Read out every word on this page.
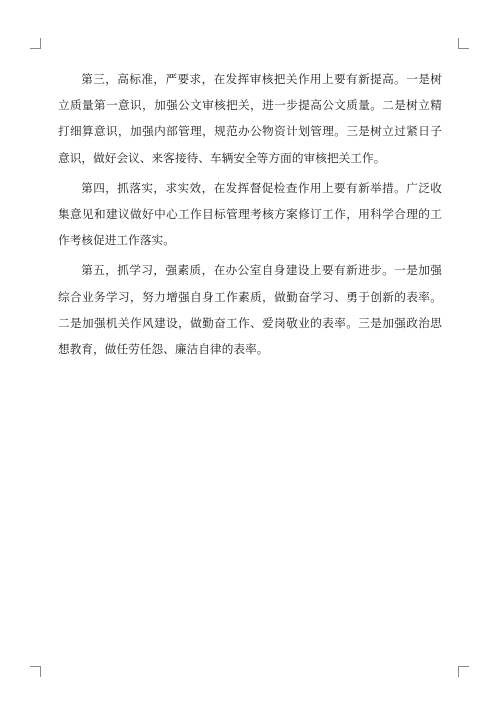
第三，高标准，严要求，在发挥审核把关作用上要有新提高。一是树立质量第一意识，加强公文审核把关，进一步提高公文质量。二是树立精打细算意识，加强内部管理，规范办公物资计划管理。三是树立过紧日子意识，做好会议、来客接待、车辆安全等方面的审核把关工作。

第四，抓落实，求实效，在发挥督促检查作用上要有新举措。广泛收集意见和建议做好中心工作目标管理考核方案修订工作，用科学合理的工作考核促进工作落实。

第五，抓学习，强素质，在办公室自身建设上要有新进步。一是加强综合业务学习，努力增强自身工作素质，做勤奋学习、勇于创新的表率。二是加强机关作风建设，做勤奋工作、爱岗敬业的表率。三是加强政治思想教育，做任劳任怨、廉洁自律的表率。
